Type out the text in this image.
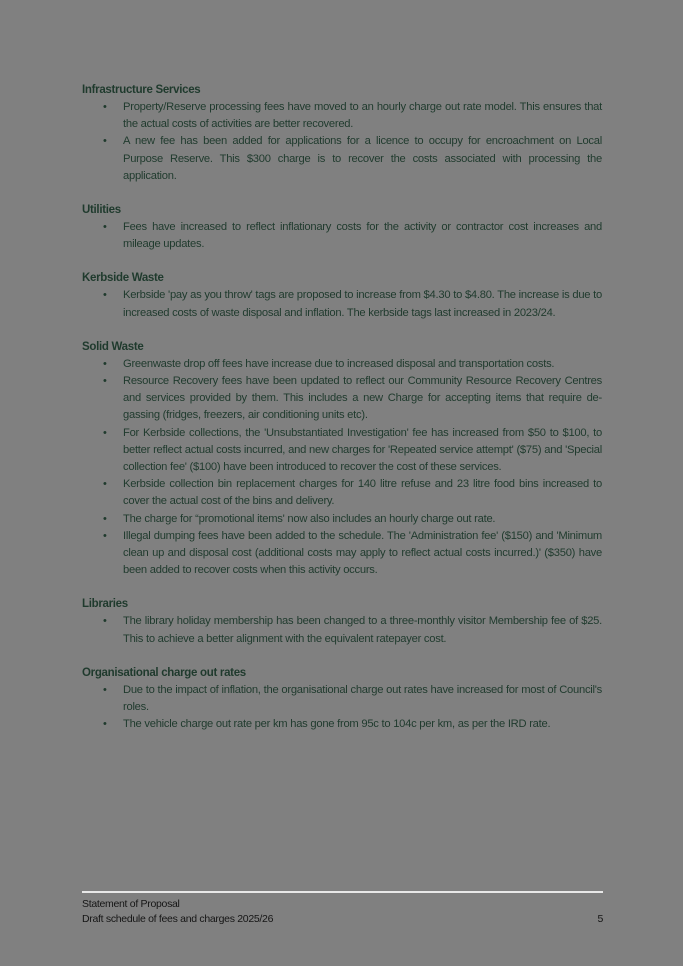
Infrastructure Services
• Property/Reserve processing fees have moved to an hourly charge out rate model. This ensures that the actual costs of activities are better recovered.
• A new fee has been added for applications for a licence to occupy for encroachment on Local Purpose Reserve. This $300 charge is to recover the costs associated with processing the application.
Utilities
• Fees have increased to reflect inflationary costs for the activity or contractor cost increases and mileage updates.
Kerbside Waste
• Kerbside 'pay as you throw' tags are proposed to increase from $4.30 to $4.80. The increase is due to increased costs of waste disposal and inflation. The kerbside tags last increased in 2023/24.
Solid Waste
• Greenwaste drop off fees have increase due to increased disposal and transportation costs.
• Resource Recovery fees have been updated to reflect our Community Resource Recovery Centres and services provided by them. This includes a new Charge for accepting items that require de-gassing (fridges, freezers, air conditioning units etc).
• For Kerbside collections, the 'Unsubstantiated Investigation' fee has increased from $50 to $100, to better reflect actual costs incurred, and new charges for 'Repeated service attempt' ($75) and 'Special collection fee' ($100) have been introduced to recover the cost of these services.
• Kerbside collection bin replacement charges for 140 litre refuse and 23 litre food bins increased to cover the actual cost of the bins and delivery.
• The charge for “promotional items' now also includes an hourly charge out rate.
• Illegal dumping fees have been added to the schedule. The 'Administration fee' ($150) and 'Minimum clean up and disposal cost (additional costs may apply to reflect actual costs incurred.)' ($350) have been added to recover costs when this activity occurs.
Libraries
• The library holiday membership has been changed to a three-monthly visitor Membership fee of $25. This to achieve a better alignment with the equivalent ratepayer cost.
Organisational charge out rates
• Due to the impact of inflation, the organisational charge out rates have increased for most of Council's roles.
• The vehicle charge out rate per km has gone from 95c to 104c per km, as per the IRD rate.
Statement of Proposal
Draft schedule of fees and charges 2025/26	5
